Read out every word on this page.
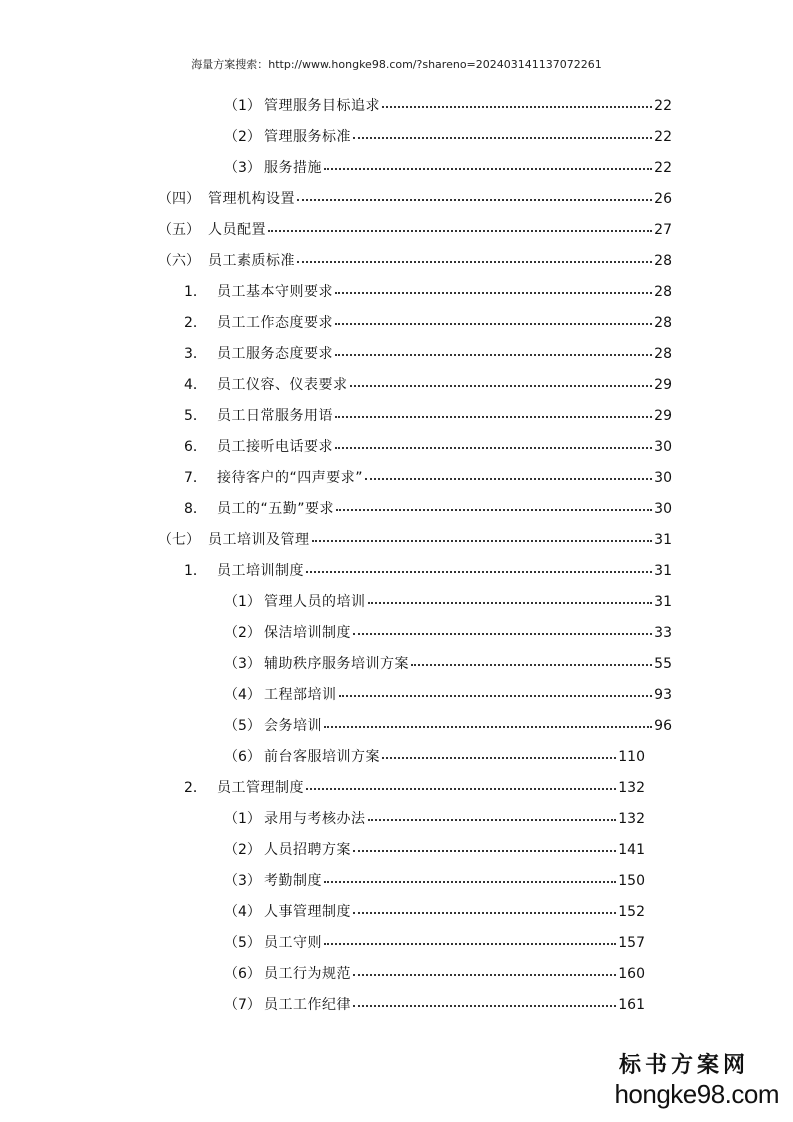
海量方案搜索：http://www.hongke98.com/?shareno=202403141137072261
（1） 管理服务目标追求	22
（2） 管理服务标准	22
（3） 服务措施	22
（四） 管理机构设置	26
（五） 人员配置	27
（六） 员工素质标准	28
1． 员工基本守则要求	28
2． 员工工作态度要求	28
3． 员工服务态度要求	28
4． 员工仪容、仪表要求	29
5． 员工日常服务用语	29
6． 员工接听电话要求	30
7． 接待客户的“四声要求”	30
8． 员工的“五勤”要求	30
（七） 员工培训及管理	31
1． 员工培训制度	31
（1） 管理人员的培训	31
（2） 保洁培训制度	33
（3） 辅助秩序服务培训方案	55
（4） 工程部培训	93
（5） 会务培训	96
（6） 前台客服培训方案	110
2． 员工管理制度	132
（1） 录用与考核办法	132
（2） 人员招聘方案	141
（3） 考勤制度	150
（4） 人事管理制度	152
（5） 员工守则	157
（6） 员工行为规范	160
（7） 员工工作纪律	161
标书方案网
hongke98.com
